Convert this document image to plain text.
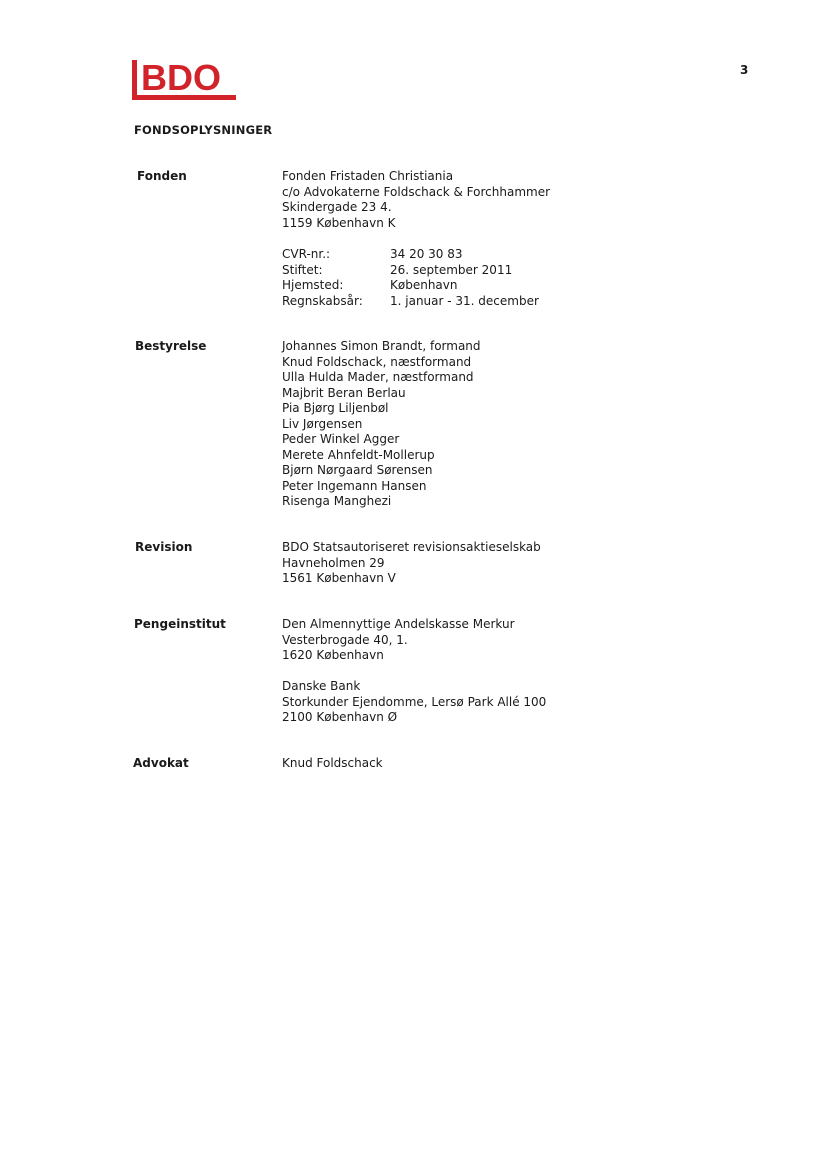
BDO	3
FONDSOPLYSNINGER
Fonden	Fonden Fristaden Christiania
c/o Advokaterne Foldschack & Forchhammer
Skindergade 23 4.
1159 København K
CVR-nr.:	34 20 30 83
Stiftet:	26. september 2011
Hjemsted:	København
Regnskabsår:	1. januar - 31. december
Bestyrelse	Johannes Simon Brandt, formand
Knud Foldschack, næstformand
Ulla Hulda Mader, næstformand
Majbrit Beran Berlau
Pia Bjørg Liljenbøl
Liv Jørgensen
Peder Winkel Agger
Merete Ahnfeldt-Mollerup
Bjørn Nørgaard Sørensen
Peter Ingemann Hansen
Risenga Manghezi
Revision	BDO Statsautoriseret revisionsaktieselskab
Havneholmen 29
1561 København V
Pengeinstitut	Den Almennyttige Andelskasse Merkur
Vesterbrogade 40, 1.
1620 København
Danske Bank
Storkunder Ejendomme, Lersø Park Allé 100
2100 København Ø
Advokat	Knud Foldschack
